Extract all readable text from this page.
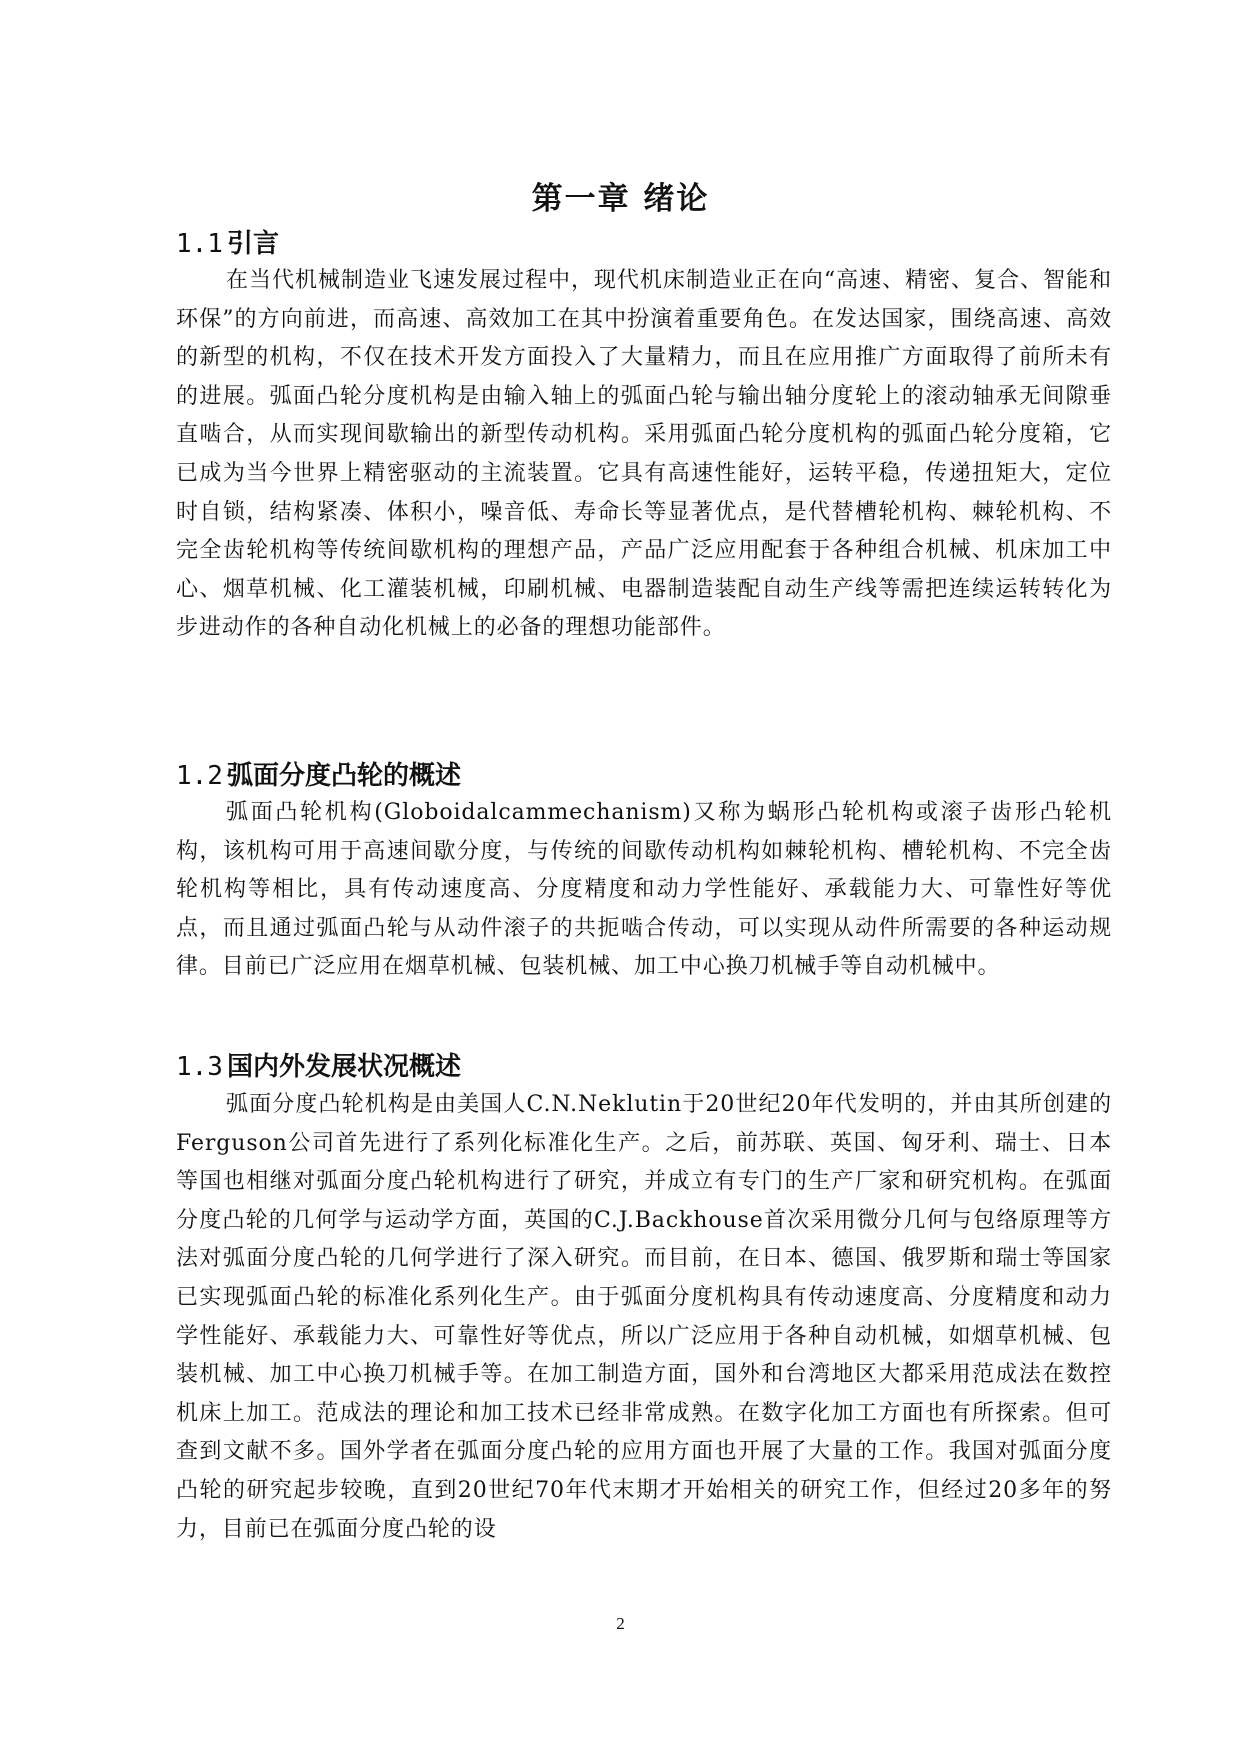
第一章 绪论
1.1 引言

在当代机械制造业飞速发展过程中，现代机床制造业正在向“高速、精密、复合、智能和环保”的方向前进，而高速、高效加工在其中扮演着重要角色。在发达国家，围绕高速、高效的新型的机构，不仅在技术开发方面投入了大量精力，而且在应用推广方面取得了前所未有的进展。弧面凸轮分度机构是由输入轴上的弧面凸轮与输出轴分度轮上的滚动轴承无间隙垂直啮合，从而实现间歇输出的新型传动机构。采用弧面凸轮分度机构的弧面凸轮分度箱，它已成为当今世界上精密驱动的主流装置。它具有高速性能好，运转平稳，传递扭矩大，定位时自锁，结构紧凑、体积小，噪音低、寿命长等显著优点，是代替槽轮机构、棘轮机构、不完全齿轮机构等传统间歇机构的理想产品，产品广泛应用配套于各种组合机械、机床加工中心、烟草机械、化工灌装机械，印刷机械、电器制造装配自动生产线等需把连续运转转化为步进动作的各种自动化机械上的必备的理想功能部件。

1.2 弧面分度凸轮的概述

弧面凸轮机构(Globoidalcammechanism)又称为蜗形凸轮机构或滚子齿形凸轮机构，该机构可用于高速间歇分度，与传统的间歇传动机构如棘轮机构、槽轮机构、不完全齿轮机构等相比，具有传动速度高、分度精度和动力学性能好、承载能力大、可靠性好等优点，而且通过弧面凸轮与从动件滚子的共扼啮合传动，可以实现从动件所需要的各种运动规律。目前已广泛应用在烟草机械、包装机械、加工中心换刀机械手等自动机械中。

1.3 国内外发展状况概述

弧面分度凸轮机构是由美国人C.N.Neklutin于20世纪20年代发明的，并由其所创建的Ferguson公司首先进行了系列化标准化生产。之后，前苏联、英国、匈牙利、瑞士、日本等国也相继对弧面分度凸轮机构进行了研究，并成立有专门的生产厂家和研究机构。在弧面分度凸轮的几何学与运动学方面，英国的C.J.Backhouse首次采用微分几何与包络原理等方法对弧面分度凸轮的几何学进行了深入研究。而目前，在日本、德国、俄罗斯和瑞士等国家已实现弧面凸轮的标准化系列化生产。由于弧面分度机构具有传动速度高、分度精度和动力学性能好、承载能力大、可靠性好等优点，所以广泛应用于各种自动机械，如烟草机械、包装机械、加工中心换刀机械手等。在加工制造方面，国外和台湾地区大都采用范成法在数控机床上加工。范成法的理论和加工技术已经非常成熟。在数字化加工方面也有所探索。但可查到文献不多。国外学者在弧面分度凸轮的应用方面也开展了大量的工作。我国对弧面分度凸轮的研究起步较晚，直到20世纪70年代末期才开始相关的研究工作，但经过20多年的努力，目前已在弧面分度凸轮的设

2
